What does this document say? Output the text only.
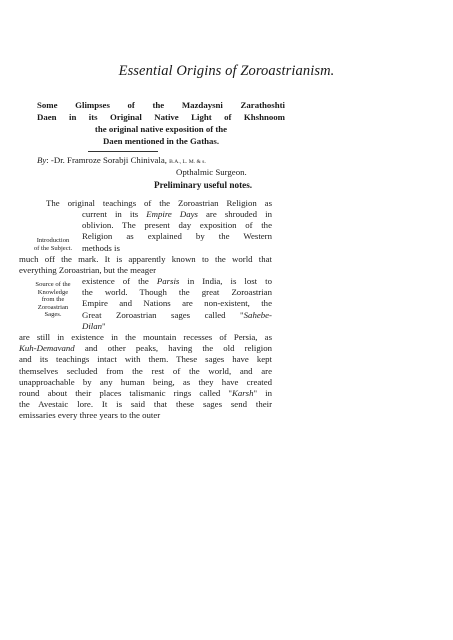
Essential Origins of Zoroastrianism.
Some Glimpses of the Mazdaysni Zarathoshti
Daen in its Original Native Light of Khshnoom
the original native exposition of the
Daen mentioned in the Gathas.
By: -Dr. Framroze Sorabji Chinivala, B.A., L. M. & s.
Opthalmic Surgeon.
Preliminary useful notes.
Introduction
of the Subject.
Source of the
Knowledge
from the
Zoroastrian
Sages.
The original teachings of the Zoroastrian Religion as
current in its Empire Days are shrouded in
oblivion. The present day exposition of the
Religion as explained by the Western
methods is
much off the mark. It is apparently known to the world that
everything Zoroastrian, but the meager
existence of the Parsis in India, is lost to
the world. Though the great Zoroastrian
Empire and Nations are non-existent, the
Great Zoroastrian sages called "Sahebe-
Dilan"
are still in existence in the mountain recesses of Persia, as
Kuh-Demavand and other peaks, having the old religion
and its teachings intact with them. These sages have kept
themselves secluded from the rest of the world, and are
unapproachable by any human being, as they have created
round about their places talismanic rings called "Karsh" in
the Avestaic lore. It is said that these sages send their
emissaries every three years to the outer
